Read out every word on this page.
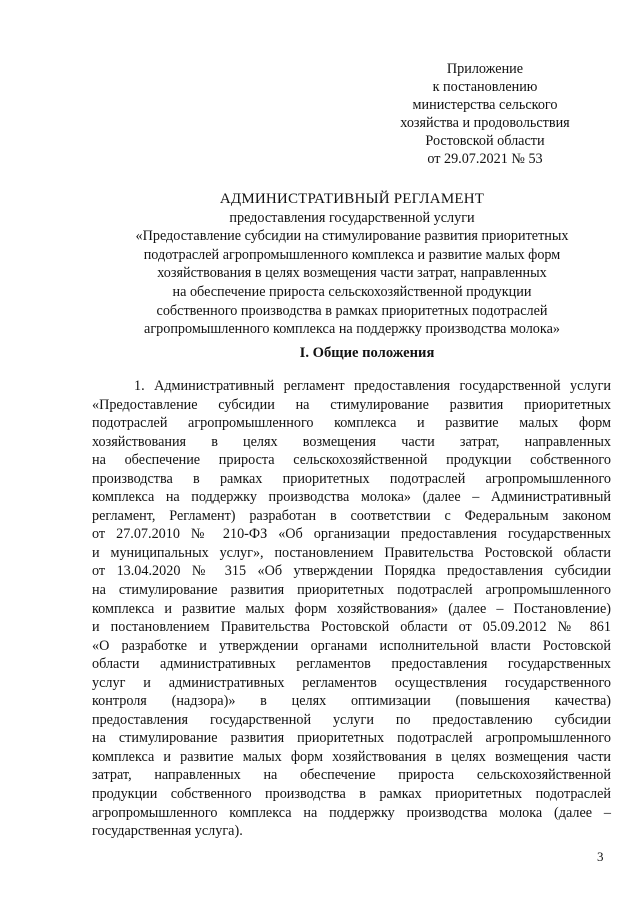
Приложение
к постановлению
министерства сельского
хозяйства и продовольствия
Ростовской области
от 29.07.2021 № 53
АДМИНИСТРАТИВНЫЙ РЕГЛАМЕНТ
предоставления государственной услуги
«Предоставление субсидии на стимулирование развития приоритетных
подотраслей агропромышленного комплекса и развитие малых форм
хозяйствования в целях возмещения части затрат, направленных
на обеспечение прироста сельскохозяйственной продукции
собственного производства в рамках приоритетных подотраслей
агропромышленного комплекса на поддержку производства молока»
I. Общие положения
1. Административный регламент предоставления государственной услуги
«Предоставление субсидии на стимулирование развития приоритетных
подотраслей агропромышленного комплекса и развитие малых форм
хозяйствования в целях возмещения части затрат, направленных
на обеспечение прироста сельскохозяйственной продукции собственного
производства в рамках приоритетных подотраслей агропромышленного
комплекса на поддержку производства молока» (далее – Административный
регламент, Регламент) разработан в соответствии с Федеральным законом
от 27.07.2010 № 210-ФЗ «Об организации предоставления государственных
и муниципальных услуг», постановлением Правительства Ростовской области
от 13.04.2020 № 315 «Об утверждении Порядка предоставления субсидии
на стимулирование развития приоритетных подотраслей агропромышленного
комплекса и развитие малых форм хозяйствования» (далее – Постановление)
и постановлением Правительства Ростовской области от 05.09.2012 № 861
«О разработке и утверждении органами исполнительной власти Ростовской
области административных регламентов предоставления государственных
услуг и административных регламентов осуществления государственного
контроля (надзора)» в целях оптимизации (повышения качества)
предоставления государственной услуги по предоставлению субсидии
на стимулирование развития приоритетных подотраслей агропромышленного
комплекса и развитие малых форм хозяйствования в целях возмещения части
затрат, направленных на обеспечение прироста сельскохозяйственной
продукции собственного производства в рамках приоритетных подотраслей
агропромышленного комплекса на поддержку производства молока (далее –
государственная услуга).
3
